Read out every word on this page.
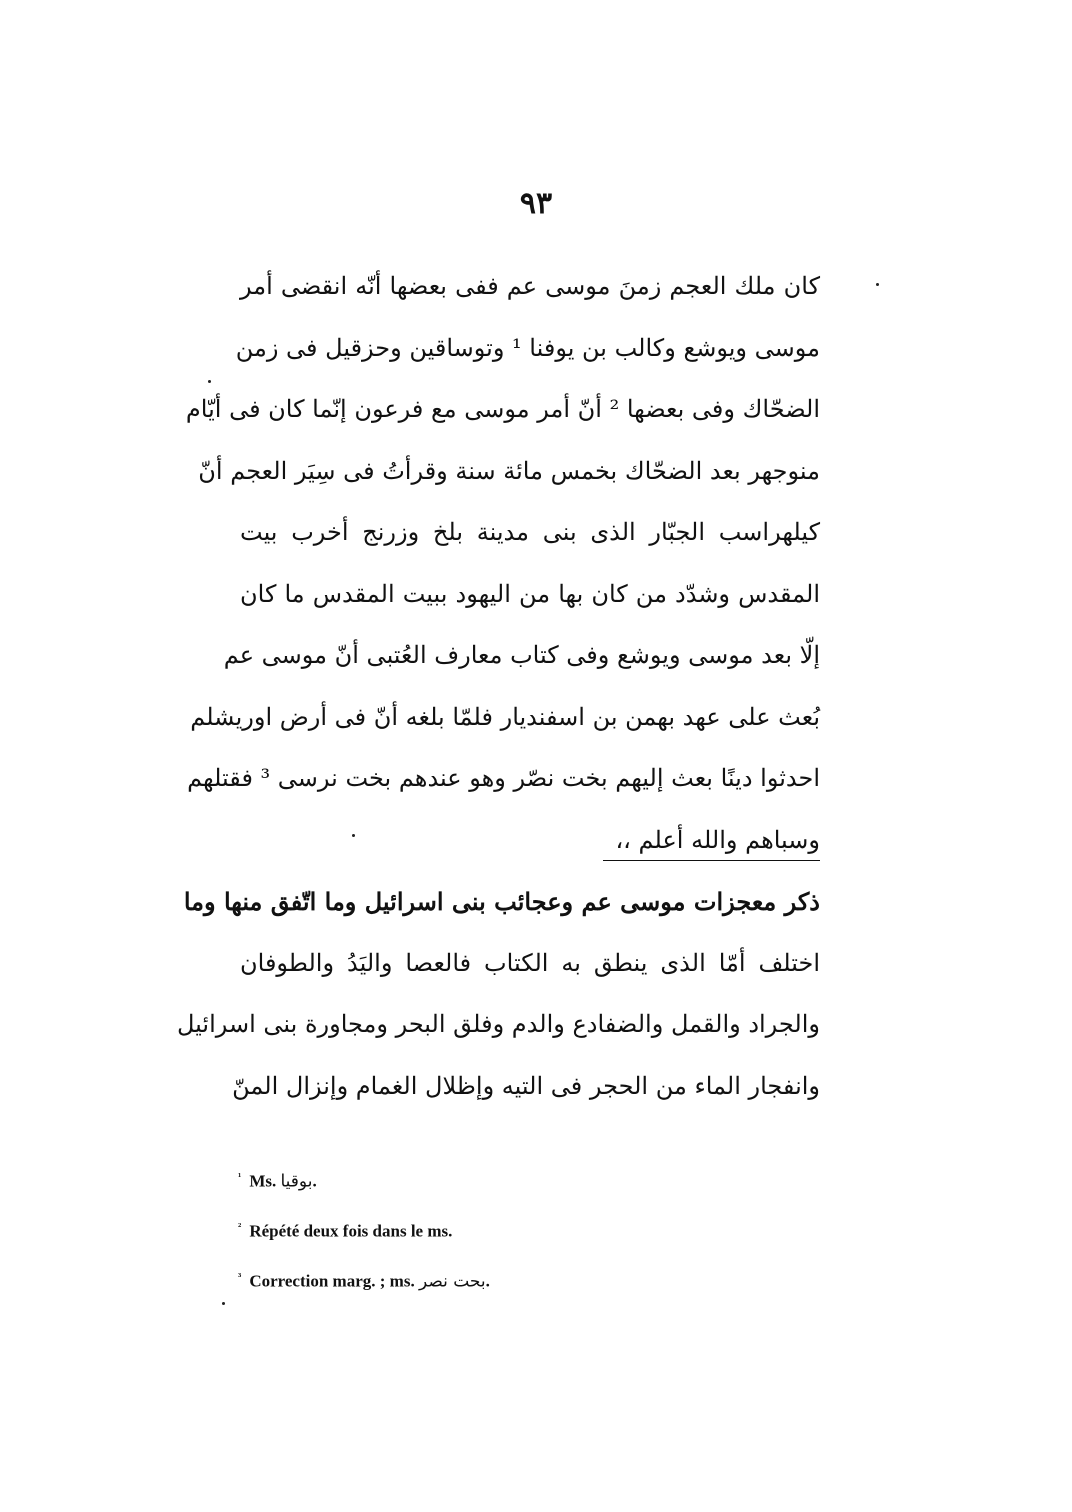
٩٣
كان ملك العجم زمنَ موسى عم ففى بعضها أنّه انقضى أمر
موسى ويوشع وكالب بن يوفنا ¹ وتوساقين وحزقيل فى زمن
الضحّاك وفى بعضها ² أنّ أمر موسى مع فرعون إنّما كان فى أيّام
منوجهر بعد الضحّاك بخمس مائة سنة وقرأتُ فى سِيَر العجم أنّ
كيلهراسب الجبّار الذى بنى مدينة بلخ وزرنج أخرب بيت
المقدس وشدّد من كان بها من اليهود ببيت المقدس ما كان
إلّا بعد موسى ويوشع وفى كتاب معارف العُتبى أنّ موسى عم
بُعث على عهد بهمن بن اسفنديار فلمّا بلغه أنّ فى أرض اوريشلم
احدثوا دينًا بعث إليهم بخت نصّر وهو عندهم بخت نرسى ³ فقتلهم
وسباهم والله أعلم ،،
ذكر معجزات موسى عم وعجائب بنى اسرائيل وما اتّفق منها وما
اختلف أمّا الذى ينطق به الكتاب فالعصا واليَدُ والطوفان
والجراد والقمل والضفادع والدم وفلق البحر ومجاورة بنى اسرائيل
وانفجار الماء من الحجر فى التيه وإظلال الغمام وإنزال المنّ
$^{^1}$ Ms. بوقيا.
$^{^2}$ Répété deux fois dans le ms.
$^{^3}$ Correction marg. ; ms. بحت نصر.
